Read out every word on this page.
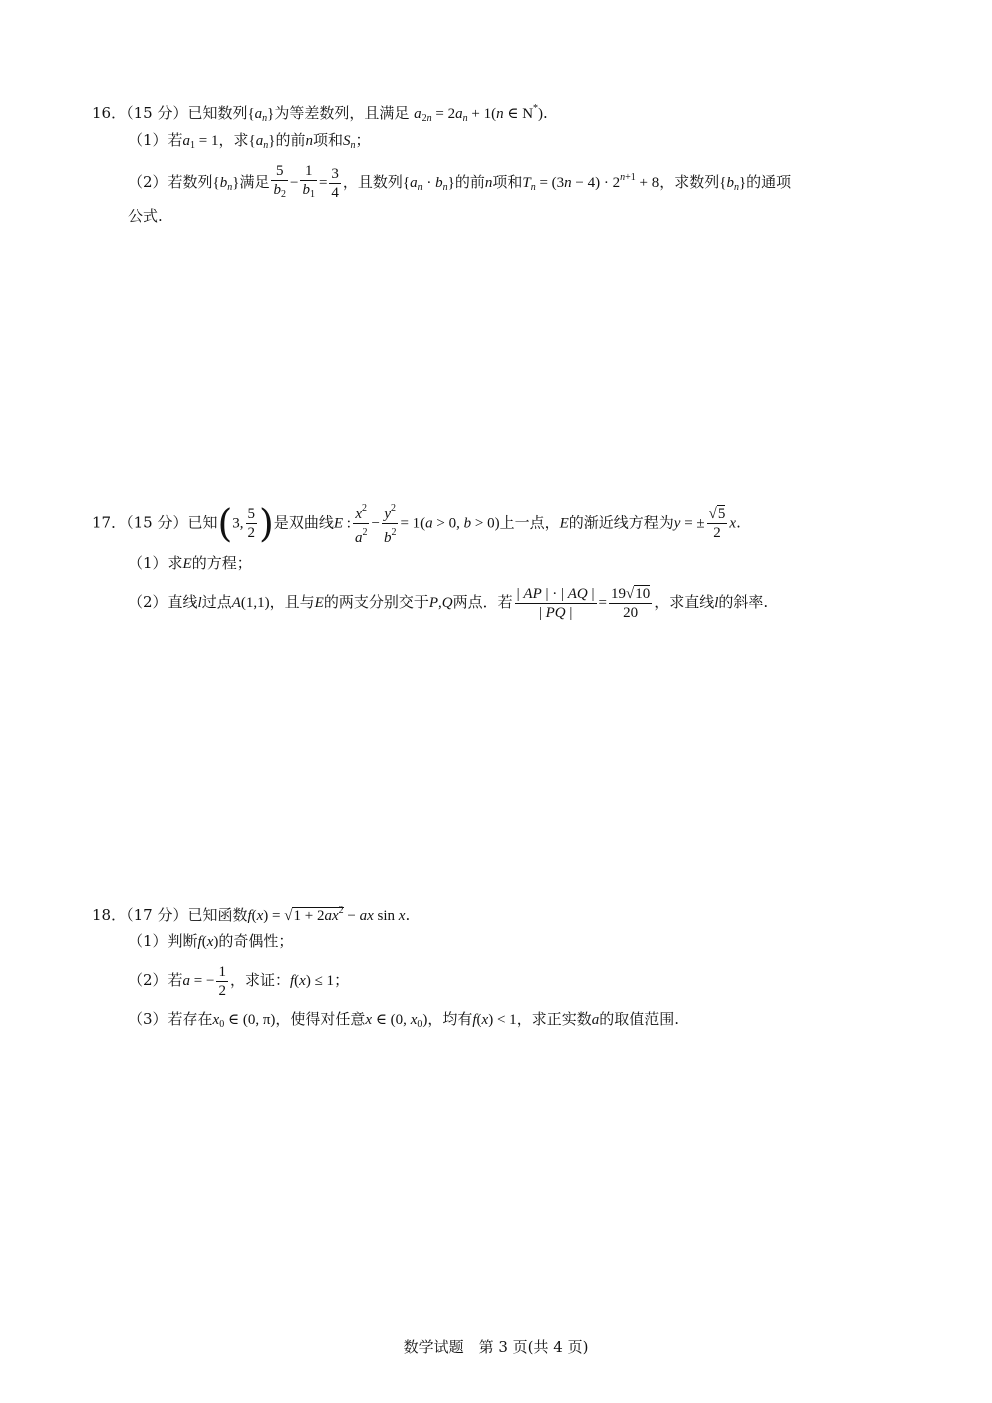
16．（15 分）已知数列$\{a_n\}$为等差数列，且满足 $a_{2n} = 2a_n + 1(n$ ∈ N*).
（1）若$a_1 = 1$，求$\{a_n\}$的前n项和$S_n$；
（2）若数列$\{b_n\}$满足 $\frac{5}{b_2} - \frac{1}{b_1} = \frac{3}{4}$ ，且数列$\{a_n \cdot b_n\}$的前n项和$T_n = (3n - 4) \cdot 2^{n+1} + 8$，求数列$\{b_n\}$的通项
公式.
17．（15 分）已知(3, $\frac{5}{2}$ )是双曲线E : $\frac{x^2}{a^2} - \frac{y^2}{b^2} = 1(a > 0$, b > 0)上一点，E的渐近线方程为y = ± $\frac{√5}{2} x$.
（1）求E的方程；
（2）直线l过点A(1,1)，且与E的两支分别交于P,Q两点．若 $\frac{| AP | \cdot | AQ |}{| PQ |} = \frac{19√10}{20}$ ，求直线l的斜率.
18．（17 分）已知函数$f(x) = √1 + 2ax^2$ − ax sin x.
（1）判断f(x)的奇偶性；
（2）若a = − $\frac{1}{2}$ ，求证：f(x) ≤ 1；
（3）若存在$x_0$ ∈ (0, π)，使得对任意x ∈ (0, $x_0$)，均有f(x) < 1，求正实数a的取值范围.
数学试题　第 3 页(共 4 页)
